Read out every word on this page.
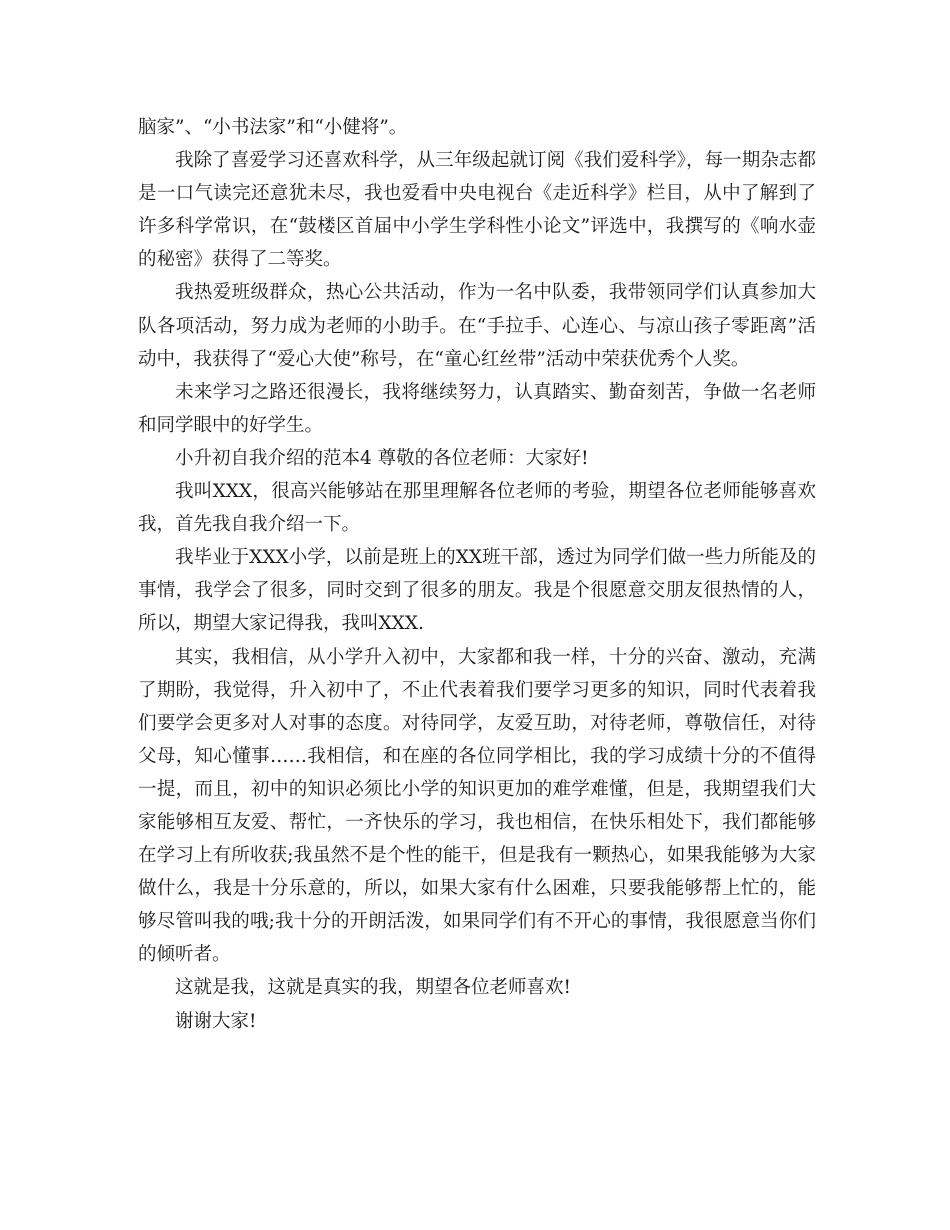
脑家”、“小书法家”和“小健将”。

我除了喜爱学习还喜欢科学，从三年级起就订阅《我们爱科学》，每一期杂志都是一口气读完还意犹未尽，我也爱看中央电视台《走近科学》栏目，从中了解到了许多科学常识，在“鼓楼区首届中小学生学科性小论文”评选中，我撰写的《响水壶的秘密》获得了二等奖。

我热爱班级群众，热心公共活动，作为一名中队委，我带领同学们认真参加大队各项活动，努力成为老师的小助手。在“手拉手、心连心、与凉山孩子零距离”活动中，我获得了“爱心大使”称号，在“童心红丝带”活动中荣获优秀个人奖。

未来学习之路还很漫长，我将继续努力，认真踏实、勤奋刻苦，争做一名老师和同学眼中的好学生。

小升初自我介绍的范本4 尊敬的各位老师：大家好!

我叫XXX，很高兴能够站在那里理解各位老师的考验，期望各位老师能够喜欢我，首先我自我介绍一下。

我毕业于XXX小学，以前是班上的XX班干部，透过为同学们做一些力所能及的事情，我学会了很多，同时交到了很多的朋友。我是个很愿意交朋友很热情的人，所以，期望大家记得我，我叫XXX.

其实，我相信，从小学升入初中，大家都和我一样，十分的兴奋、激动，充满了期盼，我觉得，升入初中了，不止代表着我们要学习更多的知识，同时代表着我们要学会更多对人对事的态度。对待同学，友爱互助，对待老师，尊敬信任，对待父母，知心懂事……我相信，和在座的各位同学相比，我的学习成绩十分的不值得一提，而且，初中的知识必须比小学的知识更加的难学难懂，但是，我期望我们大家能够相互友爱、帮忙，一齐快乐的学习，我也相信，在快乐相处下，我们都能够在学习上有所收获;我虽然不是个性的能干，但是我有一颗热心，如果我能够为大家做什么，我是十分乐意的，所以，如果大家有什么困难，只要我能够帮上忙的，能够尽管叫我的哦;我十分的开朗活泼，如果同学们有不开心的事情，我很愿意当你们的倾听者。

这就是我，这就是真实的我，期望各位老师喜欢!

谢谢大家!
